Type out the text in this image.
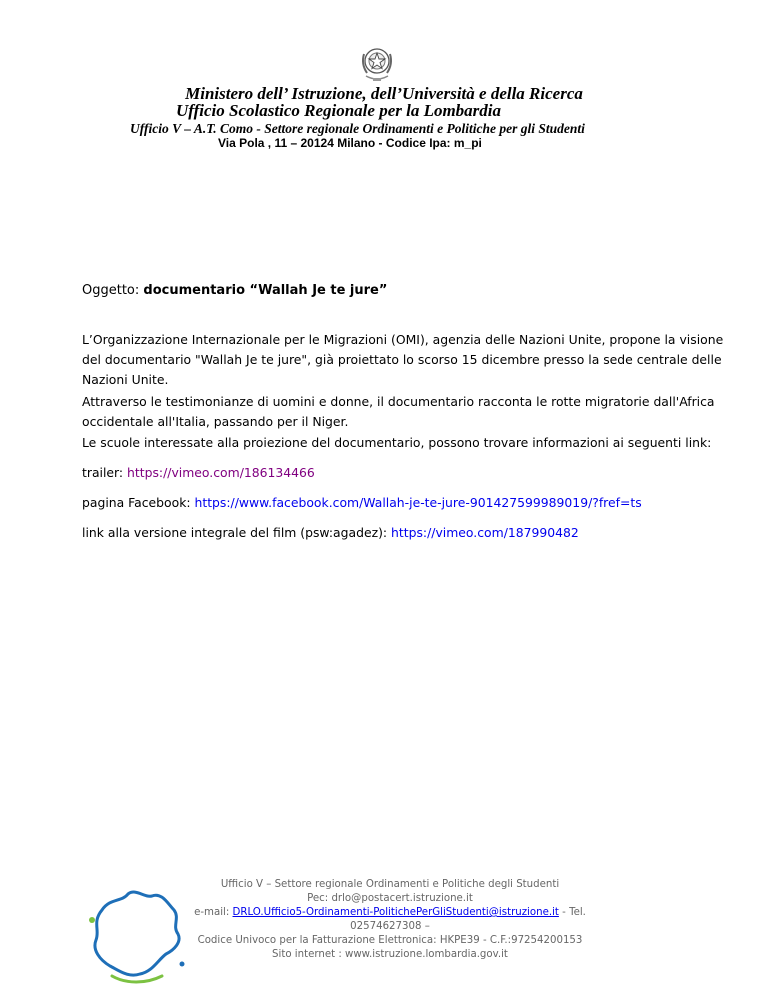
Ministero dell’ Istruzione, dell’Università e della Ricerca
Ufficio Scolastico Regionale per la Lombardia
Ufficio V – A.T. Como - Settore regionale Ordinamenti e Politiche per gli Studenti
Via Pola , 11 – 20124 Milano - Codice Ipa: m_pi
Oggetto: documentario “Wallah Je te jure”
L’Organizzazione Internazionale per le Migrazioni (OMI), agenzia delle Nazioni Unite, propone la visione
del documentario "Wallah Je te jure", già proiettato lo scorso 15 dicembre presso la sede centrale delle
Nazioni Unite.
Attraverso le testimonianze di uomini e donne, il documentario racconta le rotte migratorie dall'Africa
occidentale all'Italia, passando per il Niger.
Le scuole interessate alla proiezione del documentario, possono trovare informazioni ai seguenti link:
trailer: https://vimeo.com/186134466
pagina Facebook: https://www.facebook.com/Wallah-je-te-jure-901427599989019/?fref=ts
link alla versione integrale del film (psw:agadez): https://vimeo.com/187990482
Ufficio V – Settore regionale Ordinamenti e Politiche degli Studenti
Pec: drlo@postacert.istruzione.it
e-mail: DRLO.Ufficio5-Ordinamenti-PolitichePerGliStudenti@istruzione.it - Tel. 02574627308 –
Codice Univoco per la Fatturazione Elettronica: HKPE39 - C.F.:97254200153
Sito internet : www.istruzione.lombardia.gov.it
